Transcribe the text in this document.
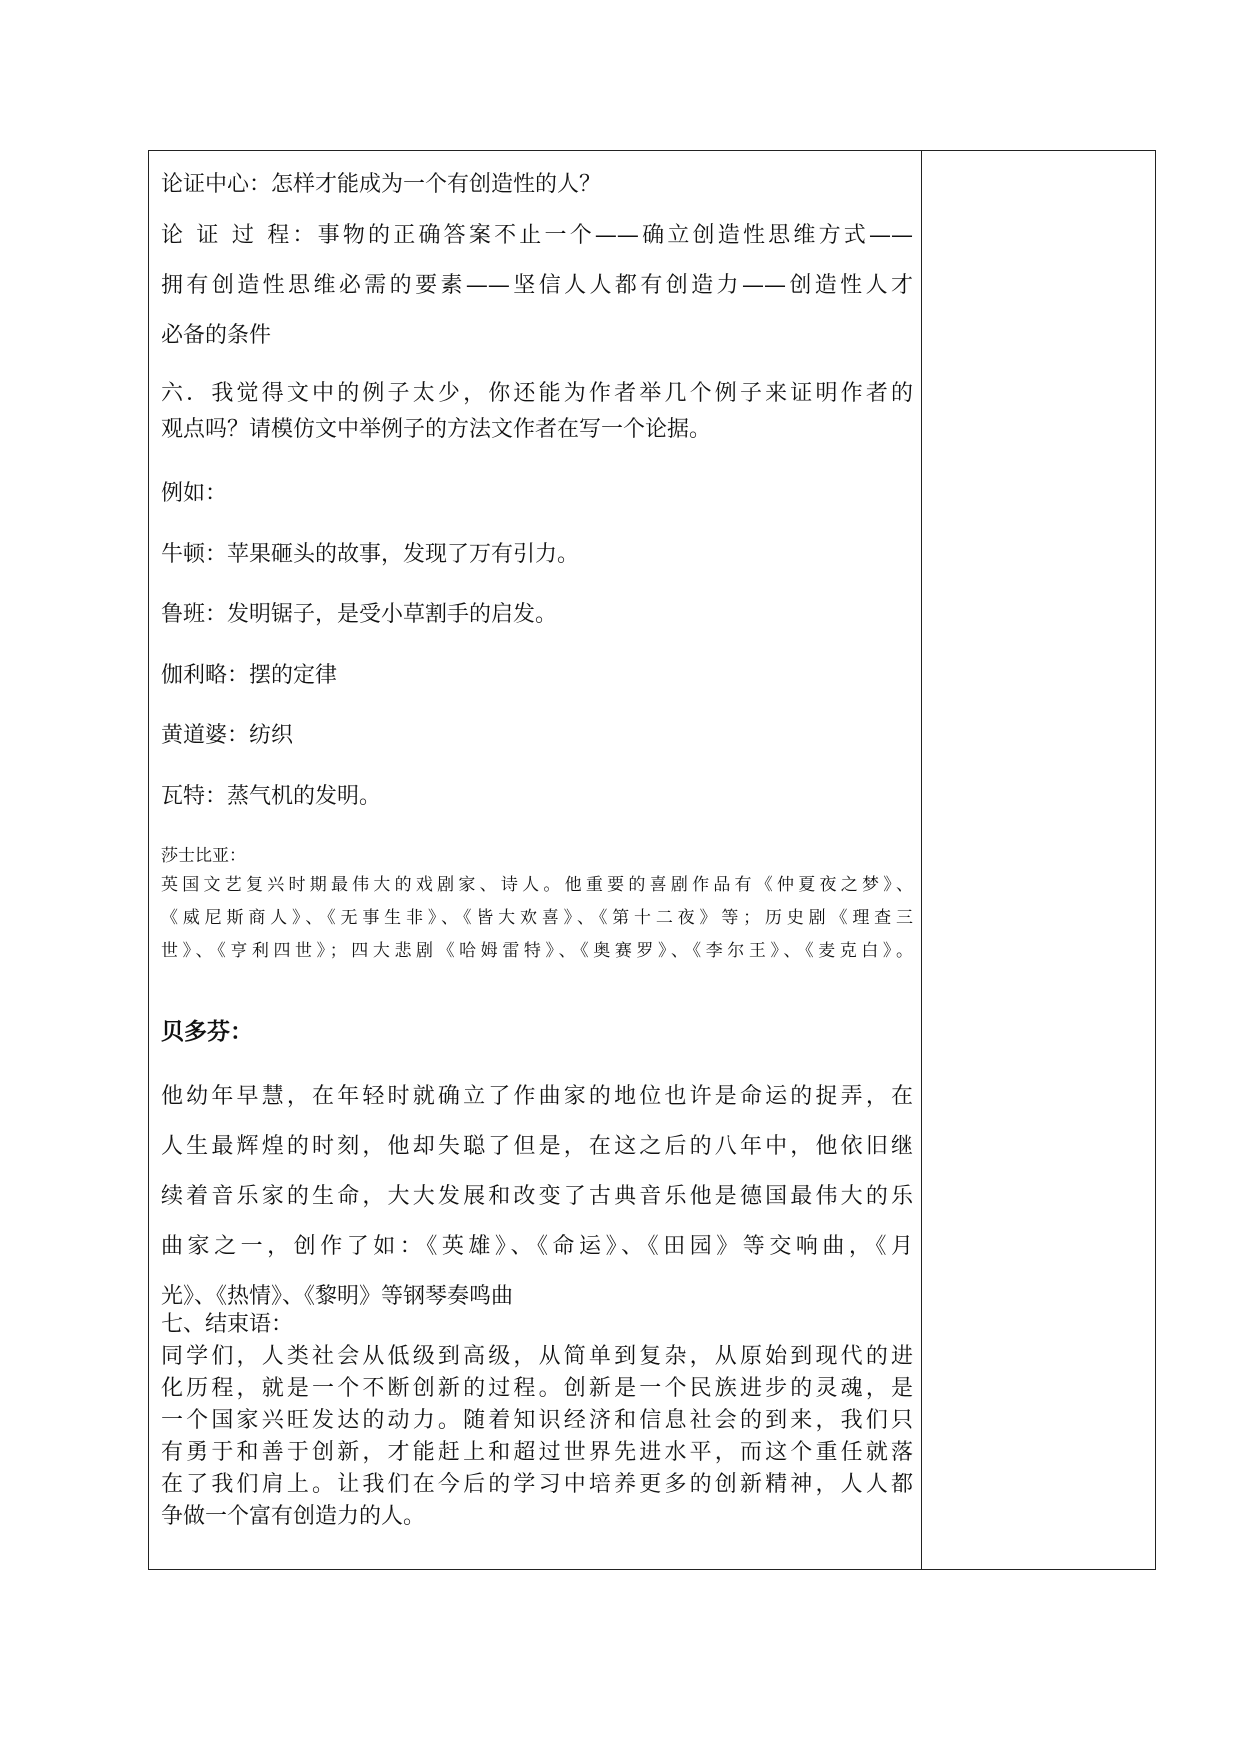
论证中心：怎样才能成为一个有创造性的人？
论 证 过 程：事物的正确答案不止一个——确立创造性思维方式——
拥有创造性思维必需的要素——坚信人人都有创造力——创造性人才
必备的条件
六．我觉得文中的例子太少，你还能为作者举几个例子来证明作者的
观点吗？请模仿文中举例子的方法文作者在写一个论据。
例如：
牛顿：苹果砸头的故事，发现了万有引力。
鲁班：发明锯子，是受小草割手的启发。
伽利略：摆的定律
黄道婆：纺织
瓦特：蒸气机的发明。
莎士比亚：
英国文艺复兴时期最伟大的戏剧家、诗人。他重要的喜剧作品有《仲夏夜之梦》、
《威尼斯商人》、《无事生非》、《皆大欢喜》、《第十二夜》等；历史剧《理查三
世》、《亨利四世》；四大悲剧《哈姆雷特》、《奥赛罗》、《李尔王》、《麦克白》。
贝多芬：
他幼年早慧，在年轻时就确立了作曲家的地位也许是命运的捉弄，在
人生最辉煌的时刻，他却失聪了但是，在这之后的八年中，他依旧继
续着音乐家的生命，大大发展和改变了古典音乐他是德国最伟大的乐
曲家之一，创作了如：《英雄》、《命运》、《田园》等交响曲，《月
光》、《热情》、《黎明》等钢琴奏鸣曲
七、结束语：
同学们，人类社会从低级到高级，从简单到复杂，从原始到现代的进
化历程，就是一个不断创新的过程。创新是一个民族进步的灵魂，是
一个国家兴旺发达的动力。随着知识经济和信息社会的到来，我们只
有勇于和善于创新，才能赶上和超过世界先进水平，而这个重任就落
在了我们肩上。让我们在今后的学习中培养更多的创新精神，人人都
争做一个富有创造力的人。
